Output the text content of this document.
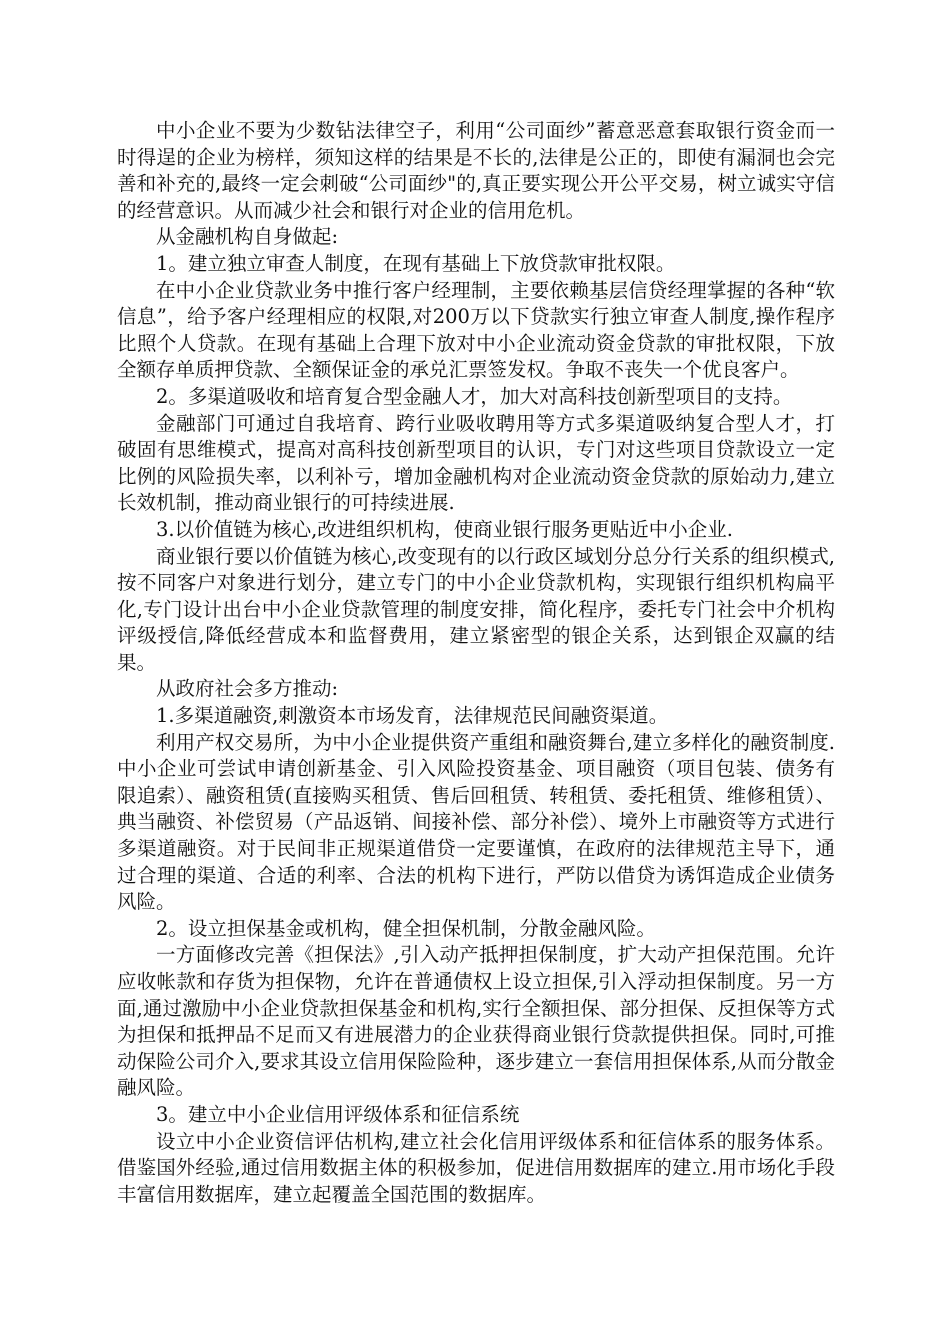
中小企业不要为少数钻法律空子，利用“公司面纱”蓄意恶意套取银行资金而一时得逞的企业为榜样，须知这样的结果是不长的,法律是公正的，即使有漏洞也会完善和补充的,最终一定会刺破“公司面纱"的,真正要实现公开公平交易，树立诚实守信的经营意识。从而减少社会和银行对企业的信用危机。

从金融机构自身做起:

1。建立独立审查人制度，在现有基础上下放贷款审批权限。

在中小企业贷款业务中推行客户经理制，主要依赖基层信贷经理掌握的各种“软信息”，给予客户经理相应的权限,对200万以下贷款实行独立审查人制度,操作程序比照个人贷款。在现有基础上合理下放对中小企业流动资金贷款的审批权限，下放全额存单质押贷款、全额保证金的承兑汇票签发权。争取不丧失一个优良客户。

2。多渠道吸收和培育复合型金融人才，加大对高科技创新型项目的支持。

金融部门可通过自我培育、跨行业吸收聘用等方式多渠道吸纳复合型人才，打破固有思维模式，提高对高科技创新型项目的认识，专门对这些项目贷款设立一定比例的风险损失率，以利补亏，增加金融机构对企业流动资金贷款的原始动力,建立长效机制，推动商业银行的可持续进展.

3.以价值链为核心,改进组织机构，使商业银行服务更贴近中小企业.

商业银行要以价值链为核心,改变现有的以行政区域划分总分行关系的组织模式,按不同客户对象进行划分，建立专门的中小企业贷款机构，实现银行组织机构扁平化,专门设计出台中小企业贷款管理的制度安排，简化程序，委托专门社会中介机构评级授信,降低经营成本和监督费用，建立紧密型的银企关系，达到银企双赢的结果。

从政府社会多方推动:

1.多渠道融资,刺激资本市场发育，法律规范民间融资渠道。

利用产权交易所，为中小企业提供资产重组和融资舞台,建立多样化的融资制度.中小企业可尝试申请创新基金、引入风险投资基金、项目融资（项目包装、债务有限追索）、融资租赁(直接购买租赁、售后回租赁、转租赁、委托租赁、维修租赁）、典当融资、补偿贸易（产品返销、间接补偿、部分补偿）、境外上市融资等方式进行多渠道融资。对于民间非正规渠道借贷一定要谨慎，在政府的法律规范主导下，通过合理的渠道、合适的利率、合法的机构下进行，严防以借贷为诱饵造成企业债务风险。

2。设立担保基金或机构，健全担保机制，分散金融风险。

一方面修改完善《担保法》,引入动产抵押担保制度，扩大动产担保范围。允许应收帐款和存货为担保物，允许在普通债权上设立担保,引入浮动担保制度。另一方面,通过激励中小企业贷款担保基金和机构,实行全额担保、部分担保、反担保等方式为担保和抵押品不足而又有进展潜力的企业获得商业银行贷款提供担保。同时,可推动保险公司介入,要求其设立信用保险险种，逐步建立一套信用担保体系,从而分散金融风险。

3。建立中小企业信用评级体系和征信系统

设立中小企业资信评估机构,建立社会化信用评级体系和征信体系的服务体系。借鉴国外经验,通过信用数据主体的积极参加，促进信用数据库的建立.用市场化手段丰富信用数据库，建立起覆盖全国范围的数据库。
